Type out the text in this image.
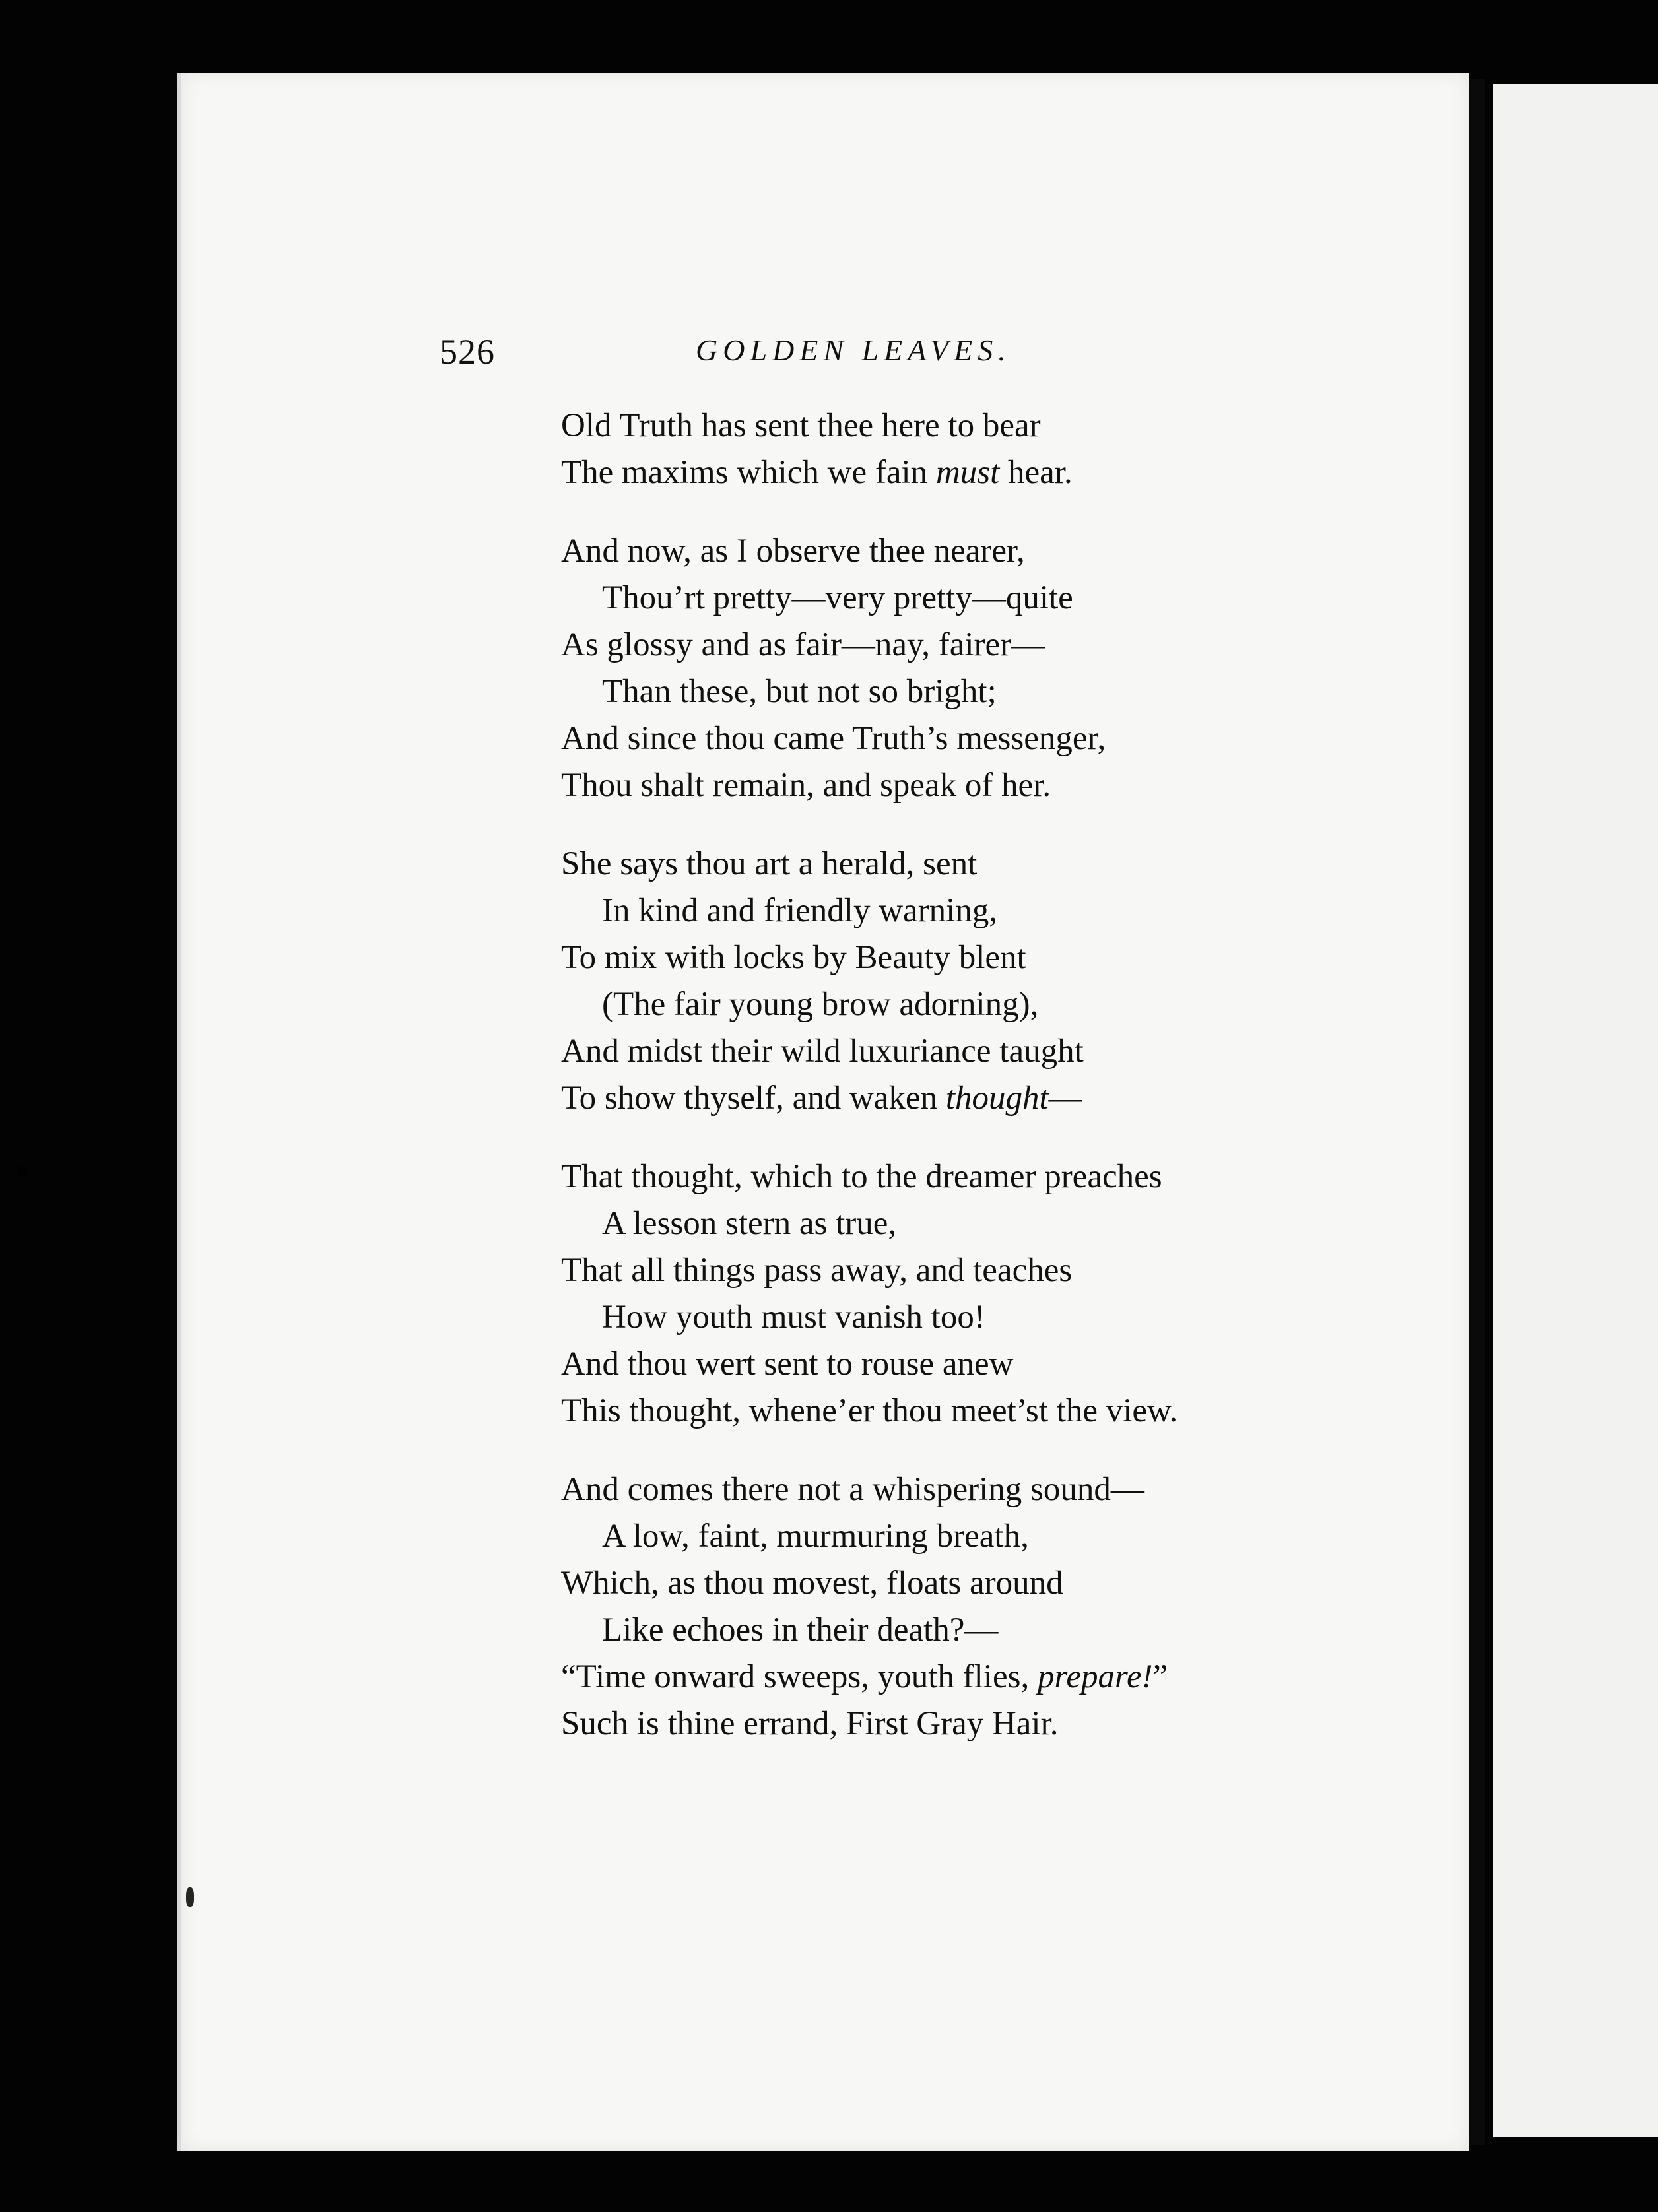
526	GOLDEN LEAVES.
Old Truth has sent thee here to bear
The maxims which we fain must hear.
And now, as I observe thee nearer,
Thou’rt pretty—very pretty—quite
As glossy and as fair—nay, fairer—
Than these, but not so bright;
And since thou came Truth’s messenger,
Thou shalt remain, and speak of her.
She says thou art a herald, sent
In kind and friendly warning,
To mix with locks by Beauty blent
(The fair young brow adorning),
And midst their wild luxuriance taught
To show thyself, and waken thought—
That thought, which to the dreamer preaches
A lesson stern as true,
That all things pass away, and teaches
How youth must vanish too!
And thou wert sent to rouse anew
This thought, whene’er thou meet’st the view.
And comes there not a whispering sound—
A low, faint, murmuring breath,
Which, as thou movest, floats around
Like echoes in their death?—
“Time onward sweeps, youth flies, prepare!”
Such is thine errand, First Gray Hair.
